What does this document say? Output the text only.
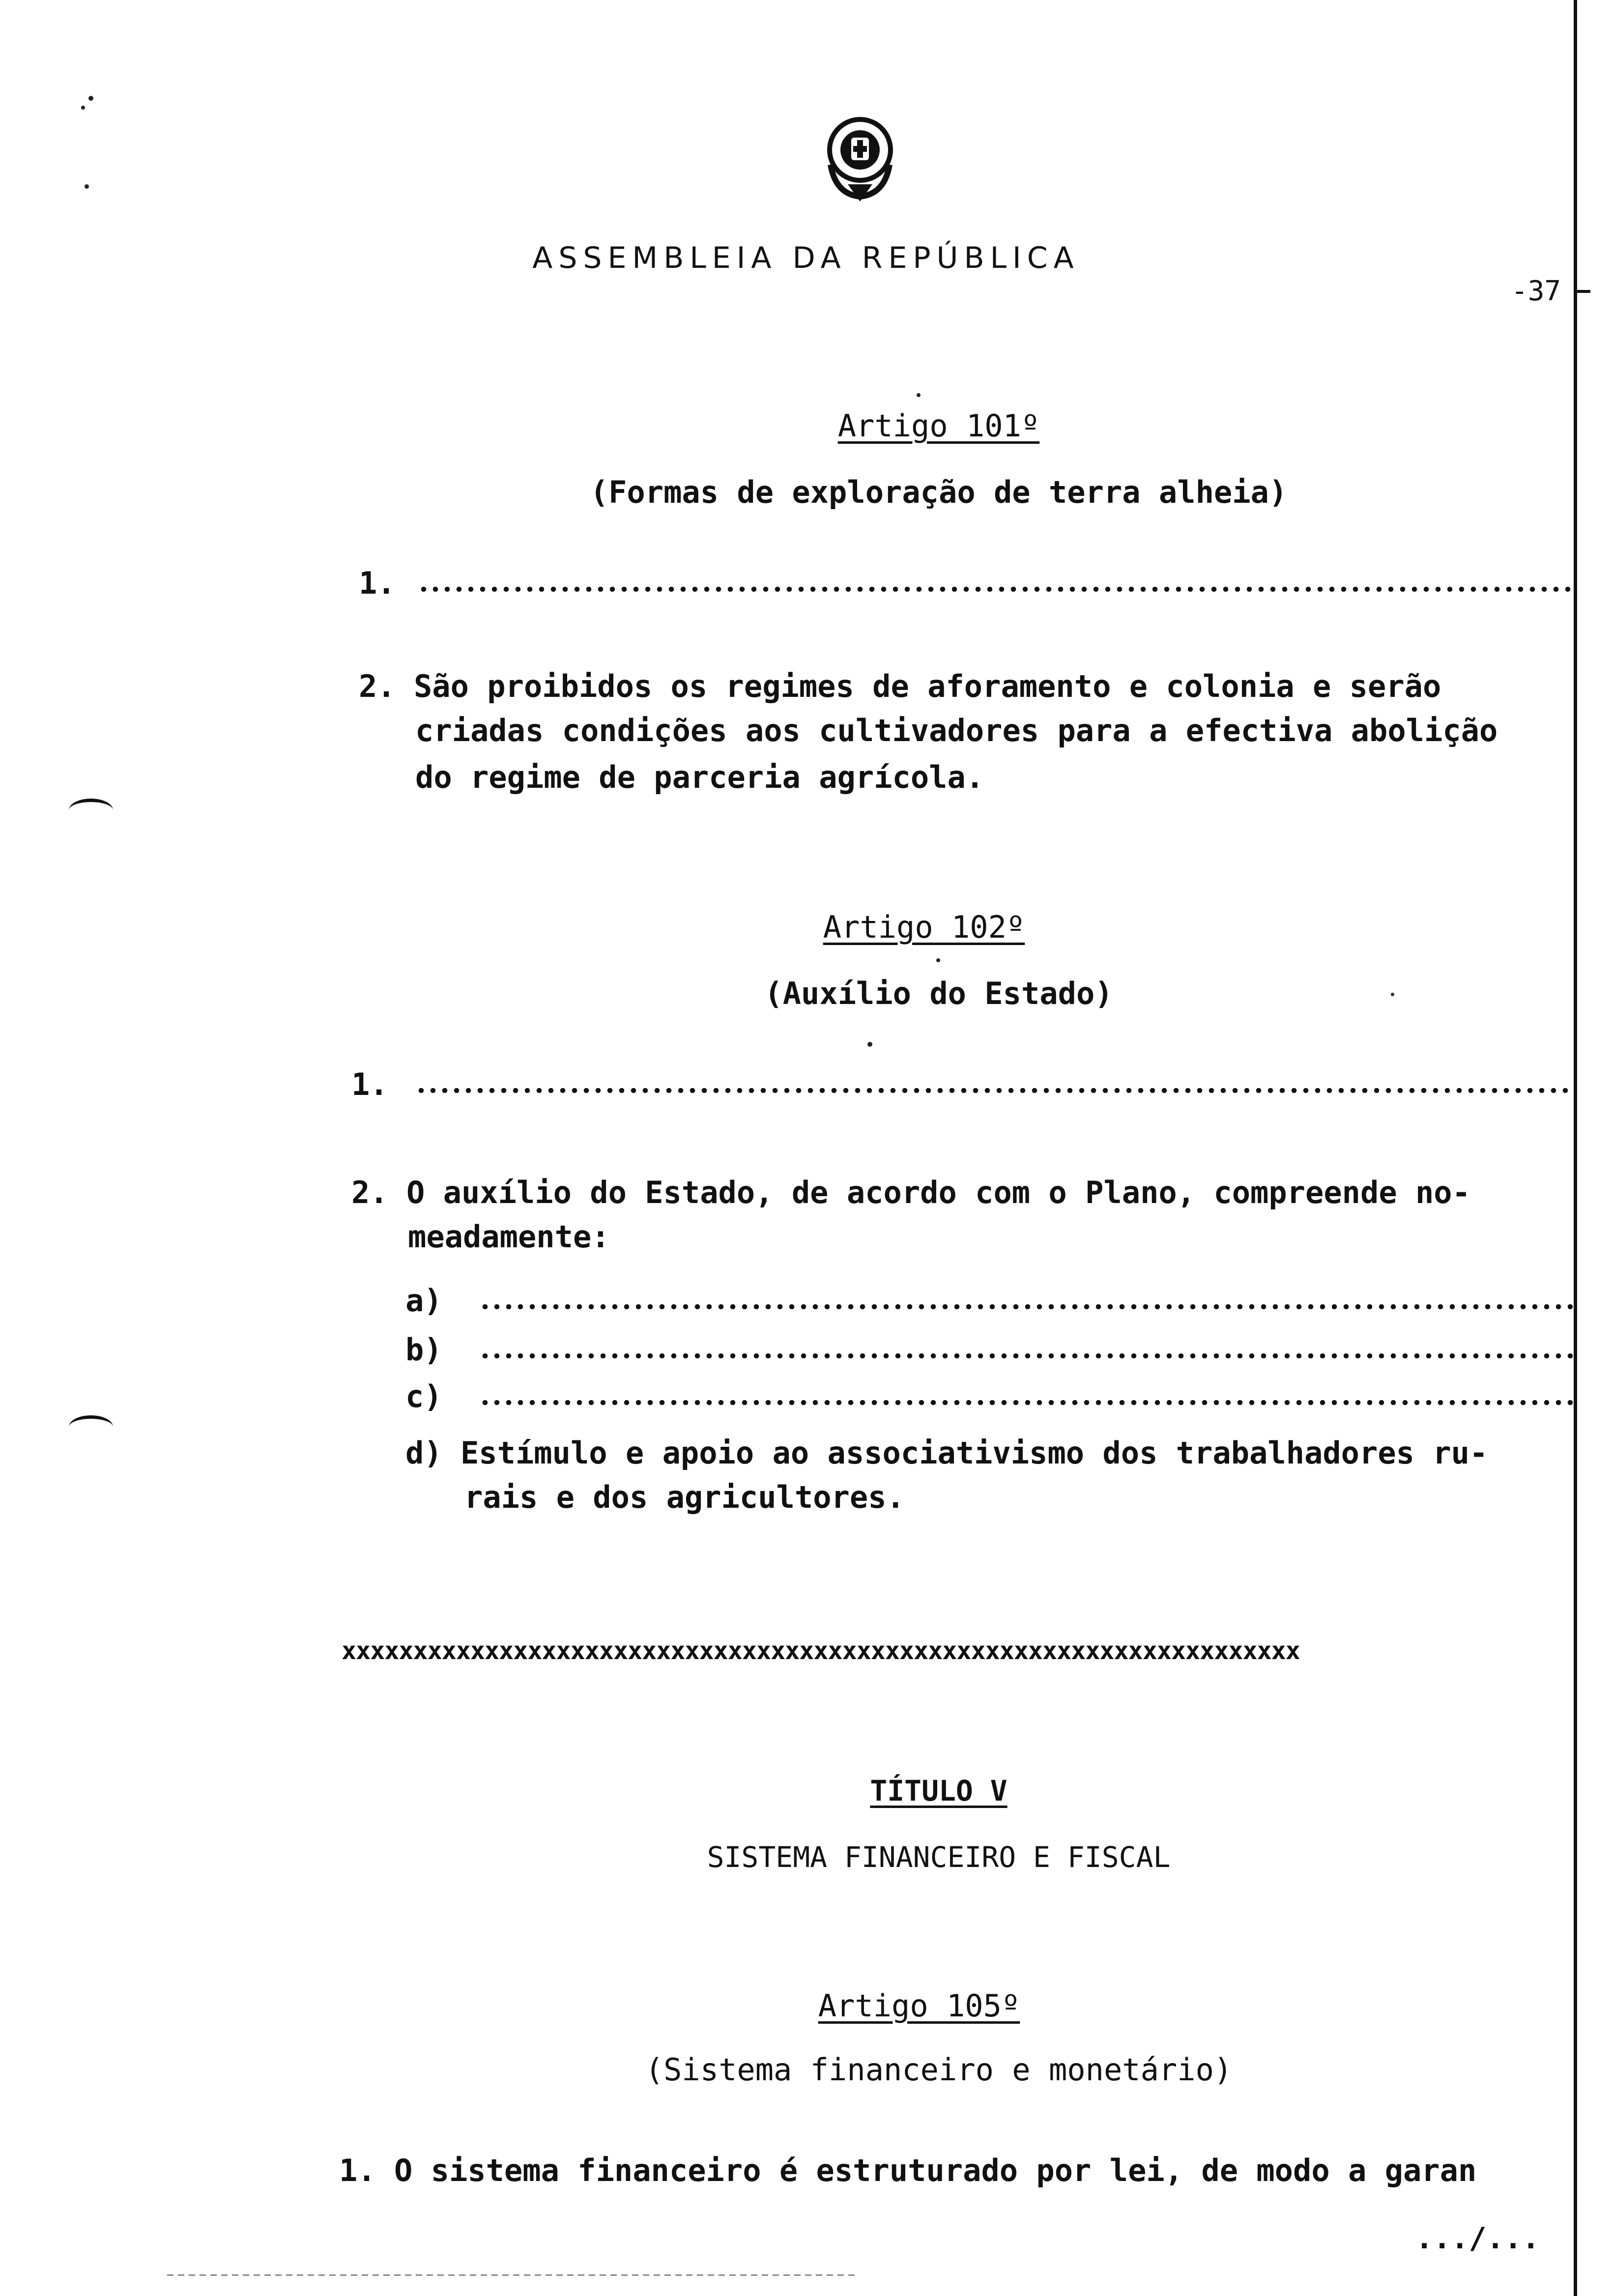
ASSEMBLEIA DA REPÚBLICA
-37
Artigo 101º
(Formas de exploração de terra alheia)
1.
2. São proibidos os regimes de aforamento e colonia e serão
criadas condições aos cultivadores para a efectiva abolição
do regime de parceria agrícola.
Artigo 102º
(Auxílio do Estado)
1.
2. O auxílio do Estado, de acordo com o Plano, compreende no-
meadamente:
a)
b)
c)
d) Estímulo e apoio ao associativismo dos trabalhadores ru-
rais e dos agricultores.
xxxxxxxxxxxxxxxxxxxxxxxxxxxxxxxxxxxxxxxxxxxxxxxxxxxxxxxxxxxxxxxxxxx
TÍTULO V
SISTEMA FINANCEIRO E FISCAL
Artigo 105º
(Sistema financeiro e monetário)
1. O sistema financeiro é estruturado por lei, de modo a garan
.../...
